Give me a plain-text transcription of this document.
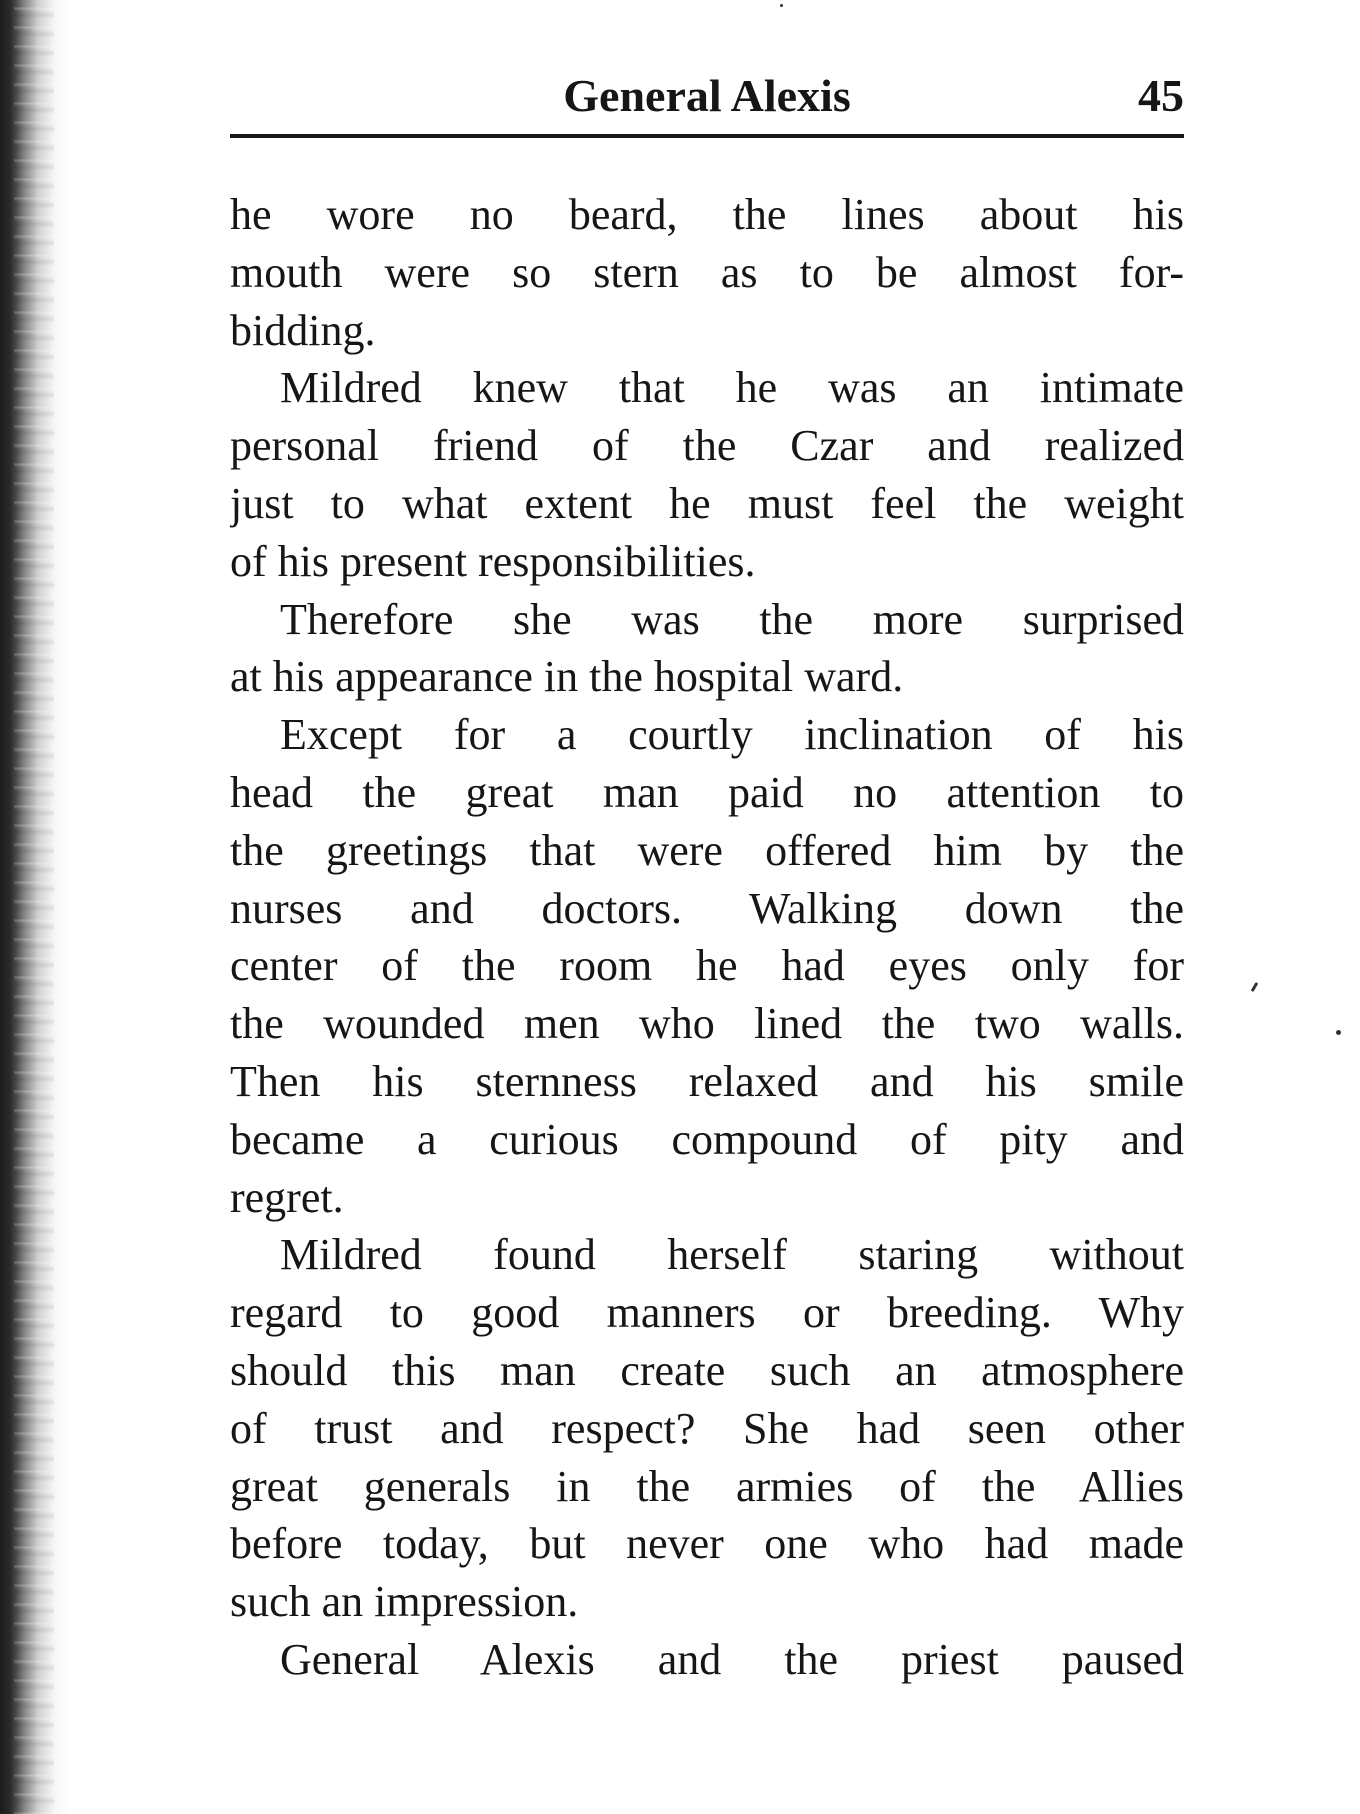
General Alexis	45
he wore no beard, the lines about his
mouth were so stern as to be almost for-
bidding.
Mildred knew that he was an intimate
personal friend of the Czar and realized
just to what extent he must feel the weight
of his present responsibilities.
Therefore she was the more surprised
at his appearance in the hospital ward.
Except for a courtly inclination of his
head the great man paid no attention to
the greetings that were offered him by the
nurses and doctors. Walking down the
center of the room he had eyes only for
the wounded men who lined the two walls.
Then his sternness relaxed and his smile
became a curious compound of pity and
regret.
Mildred found herself staring without
regard to good manners or breeding. Why
should this man create such an atmosphere
of trust and respect? She had seen other
great generals in the armies of the Allies
before today, but never one who had made
such an impression.
General Alexis and the priest paused
